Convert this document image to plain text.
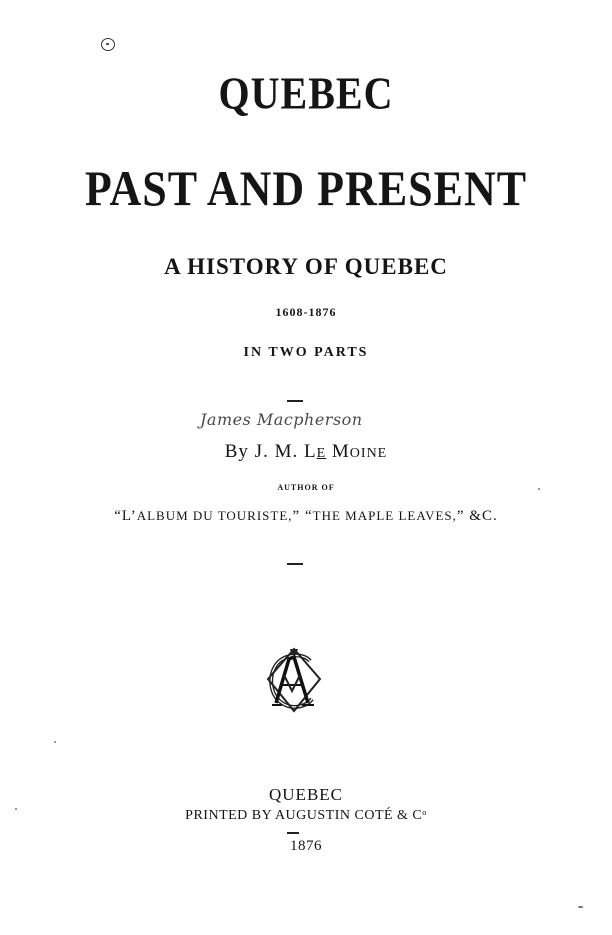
QUEBEC
PAST AND PRESENT
A HISTORY OF QUEBEC
1608-1876
IN TWO PARTS
James Macpherson
By J. M. LE MOINE
AUTHOR OF
“L’ALBUM DU TOURISTE,” “THE MAPLE LEAVES,” &C.
QUEBEC
PRINTED BY AUGUSTIN COTÉ & Cᵒ
1876
